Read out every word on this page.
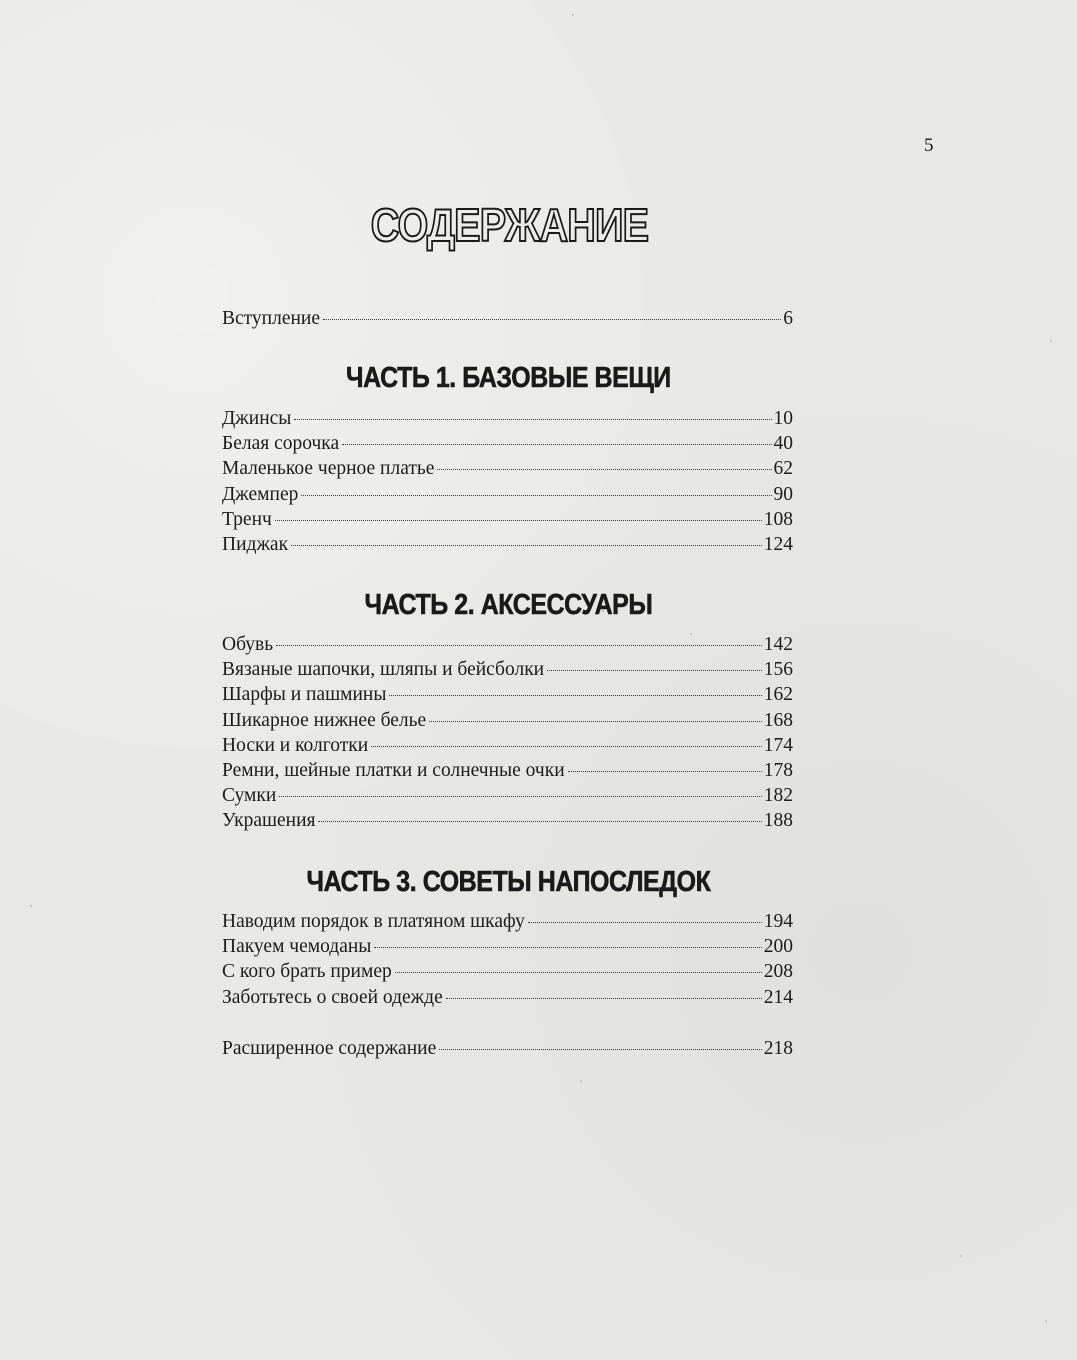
5
СОДЕРЖАНИЕ
Вступление	6
ЧАСТЬ 1. БАЗОВЫЕ ВЕЩИ
Джинсы	10
Белая сорочка	40
Маленькое черное платье	62
Джемпер	90
Тренч	108
Пиджак	124
ЧАСТЬ 2. АКСЕССУАРЫ
Обувь	142
Вязаные шапочки, шляпы и бейсболки	156
Шарфы и пашмины	162
Шикарное нижнее белье	168
Носки и колготки	174
Ремни, шейные платки и солнечные очки	178
Сумки	182
Украшения	188
ЧАСТЬ 3. СОВЕТЫ НАПОСЛЕДОК
Наводим порядок в платяном шкафу	194
Пакуем чемоданы	200
С кого брать пример	208
Заботьтесь о своей одежде	214
Расширенное содержание	218
